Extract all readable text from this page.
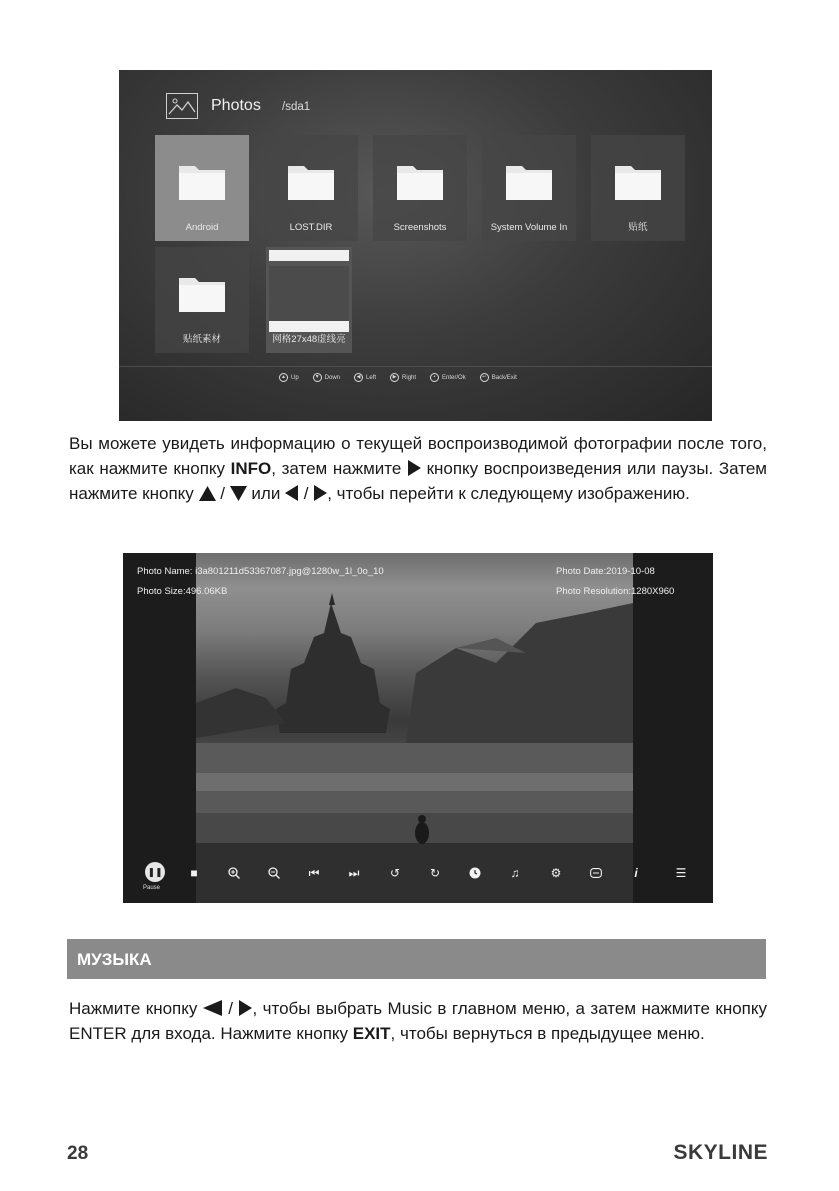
Photos /sda1
Android	LOST.DIR	Screenshots	System Volume In	贴纸
贴纸素材	网格27x48虚线亮
▲ Up	▼ Down	◀ Left	▶ Right	•	Enter/Ok	↩ Back/Exit

Вы можете увидеть информацию о текущей воспроизводимой фотографии после того, как нажмите кнопку INFO, затем нажмите  кнопку воспроизведения или паузы. Затем нажмите кнопку  /  или  / , чтобы перейти к следующему изображению.

Photo Name: i3a801211d53367087.jpg@1280w_1l_0o_10
Photo Size:496.06KB
Photo Date:2019-10-08
Photo Resolution:1280X960
❚❚
Pause
■	⏮ ⏭	↺	↻	♫	⚙	i	☰
МУЗЫКА

Нажмите кнопку  / , чтобы выбрать Music в главном меню, а затем нажмите кнопку ENTER для входа. Нажмите кнопку EXIT, чтобы вернуться в предыдущее меню.

28	SKYLINE
